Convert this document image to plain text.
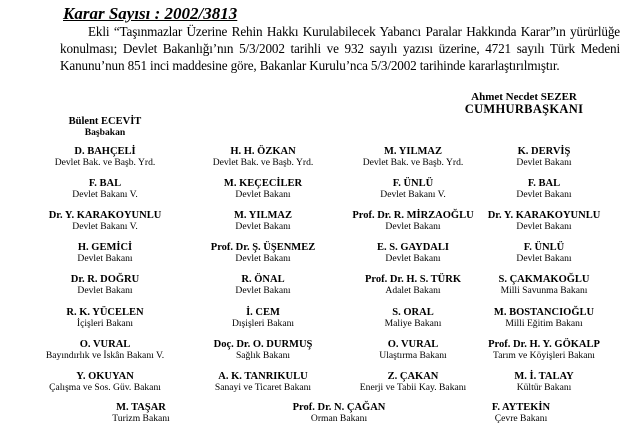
Karar Sayısı : 2002/3813

Ekli “Taşınmazlar Üzerine Rehin Hakkı Kurulabilecek Yabancı Paralar Hakkında Karar”ın yürürlüğe konulması; Devlet Bakanlığı’nın 5/3/2002 tarihli ve 932 sayılı yazısı üzerine, 4721 sayılı Türk Medeni Kanunu’nun 851 inci maddesine göre, Bakanlar Kurulu’nca 5/3/2002 tarihinde kararlaştırılmıştır.

Ahmet Necdet SEZER
CUMHURBAŞKANI
Bülent ECEVİT
Başbakan
D. BAHÇELİ
Devlet Bak. ve Başb. Yrd.
H. H. ÖZKAN
Devlet Bak. ve Başb. Yrd.
M. YILMAZ
Devlet Bak. ve Başb. Yrd.
K. DERVİŞ
Devlet Bakanı
F. BAL
Devlet Bakanı V.
M. KEÇECİLER
Devlet Bakanı
F. ÜNLÜ
Devlet Bakanı V.
F. BAL
Devlet Bakanı
Dr. Y. KARAKOYUNLU
Devlet Bakanı V.
M. YILMAZ
Devlet Bakanı
Prof. Dr. R. MİRZAOĞLU
Devlet Bakanı
Dr. Y. KARAKOYUNLU
Devlet Bakanı
H. GEMİCİ
Devlet Bakanı
Prof. Dr. Ş. ÜŞENMEZ
Devlet Bakanı
E. S. GAYDALI
Devlet Bakanı
F. ÜNLÜ
Devlet Bakanı
Dr. R. DOĞRU
Devlet Bakanı
R. ÖNAL
Devlet Bakanı
Prof. Dr. H. S. TÜRK
Adalet Bakanı
S. ÇAKMAKOĞLU
Milli Savunma Bakanı
R. K. YÜCELEN
İçişleri Bakanı
İ. CEM
Dışişleri Bakanı
S. ORAL
Maliye Bakanı
M. BOSTANCIOĞLU
Milli Eğitim Bakanı
O. VURAL
Bayındırlık ve İskân Bakanı V.
Doç. Dr. O. DURMUŞ
Sağlık Bakanı
O. VURAL
Ulaştırma Bakanı
Prof. Dr. H. Y. GÖKALP
Tarım ve Köyişleri Bakanı
Y. OKUYAN
Çalışma ve Sos. Güv. Bakanı
A. K. TANRIKULU
Sanayi ve Ticaret Bakanı
Z. ÇAKAN
Enerji ve Tabii Kay. Bakanı
M. İ. TALAY
Kültür Bakanı
M. TAŞAR
Turizm Bakanı
Prof. Dr. N. ÇAĞAN
Orman Bakanı
F. AYTEKİN
Çevre Bakanı
